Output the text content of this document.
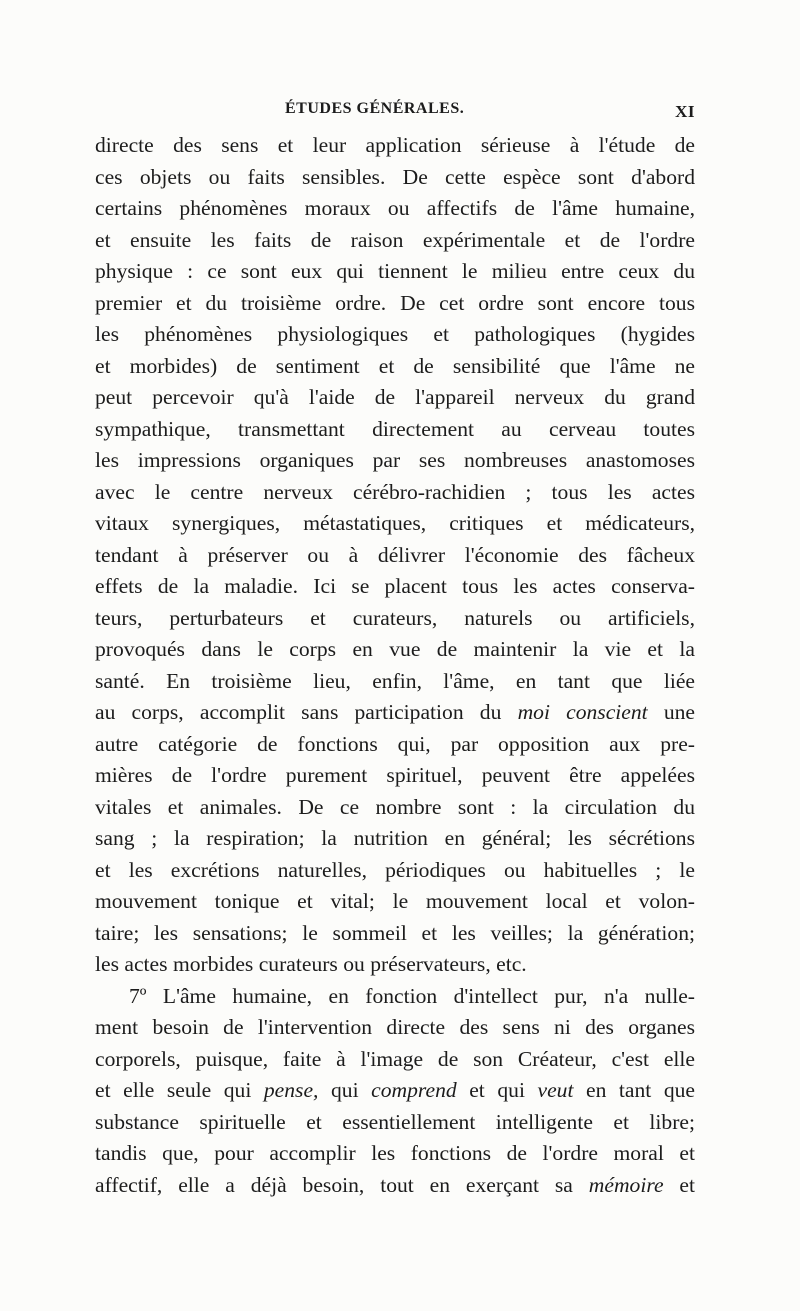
ÉTUDES GÉNÉRALES.	XI
directe des sens et leur application sérieuse à l'étude de
ces objets ou faits sensibles. De cette espèce sont d'abord
certains phénomènes moraux ou affectifs de l'âme humaine,
et ensuite les faits de raison expérimentale et de l'ordre
physique : ce sont eux qui tiennent le milieu entre ceux du
premier et du troisième ordre. De cet ordre sont encore tous
les phénomènes physiologiques et pathologiques (hygides
et morbides) de sentiment et de sensibilité que l'âme ne
peut percevoir qu'à l'aide de l'appareil nerveux du grand
sympathique, transmettant directement au cerveau toutes
les impressions organiques par ses nombreuses anastomoses
avec le centre nerveux cérébro-rachidien ; tous les actes
vitaux synergiques, métastatiques, critiques et médicateurs,
tendant à préserver ou à délivrer l'économie des fâcheux
effets de la maladie. Ici se placent tous les actes conserva-
teurs, perturbateurs et curateurs, naturels ou artificiels,
provoqués dans le corps en vue de maintenir la vie et la
santé. En troisième lieu, enfin, l'âme, en tant que liée
au corps, accomplit sans participation du moi conscient une
autre catégorie de fonctions qui, par opposition aux pre-
mières de l'ordre purement spirituel, peuvent être appelées
vitales et animales. De ce nombre sont : la circulation du
sang ; la respiration; la nutrition en général; les sécrétions
et les excrétions naturelles, périodiques ou habituelles ; le
mouvement tonique et vital; le mouvement local et volon-
taire; les sensations; le sommeil et les veilles; la génération;
les actes morbides curateurs ou préservateurs, etc.
7º L'âme humaine, en fonction d'intellect pur, n'a nulle-
ment besoin de l'intervention directe des sens ni des organes
corporels, puisque, faite à l'image de son Créateur, c'est elle
et elle seule qui pense, qui comprend et qui veut en tant que
substance spirituelle et essentiellement intelligente et libre;
tandis que, pour accomplir les fonctions de l'ordre moral et
affectif, elle a déjà besoin, tout en exerçant sa mémoire et
